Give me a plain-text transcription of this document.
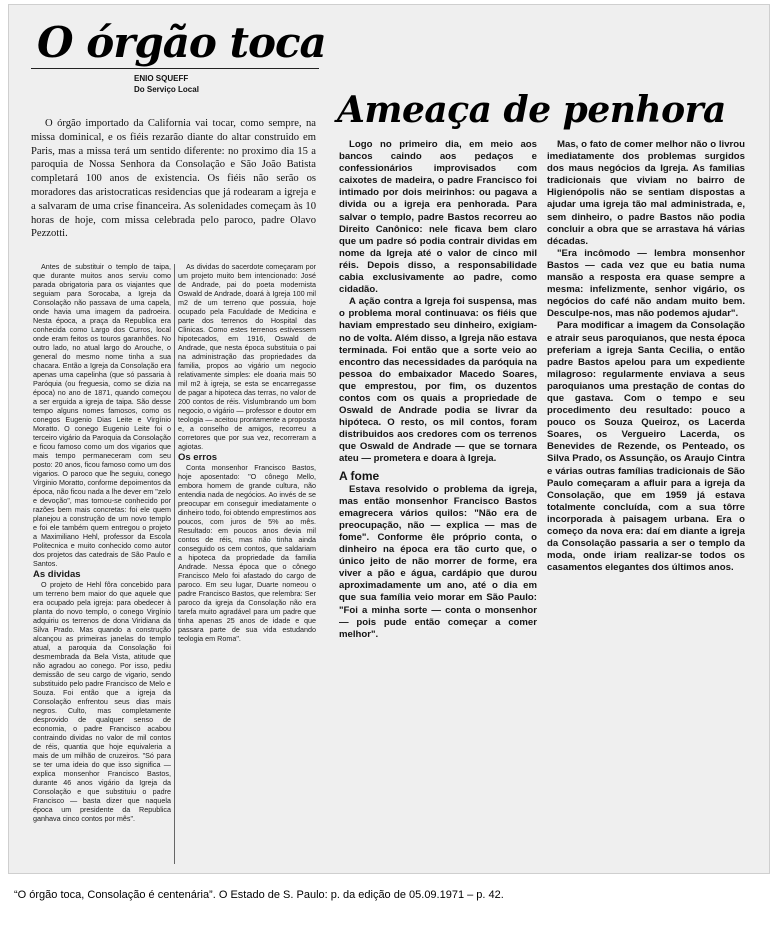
O órgão toca
ENIO SQUEFF
Do Serviço Local

O órgão importado da California vai tocar, como sempre, na missa dominical, e os fiéis rezarão diante do altar construido em Paris, mas a missa terá um sentido diferente: no proximo dia 15 a paroquia de Nossa Senhora da Consolação e São João Batista completará 100 anos de existencia. Os fiéis não serão os moradores das aristocraticas residencias que já rodearam a igreja e a salvaram de uma crise financeira. As solenidades começam às 10 horas de hoje, com missa celebrada pelo paroco, padre Olavo Pezzotti.

Antes de substituir o templo de taipa, que durante muitos anos serviu como parada obrigatoria para os viajantes que seguiam para Sorocaba, a Igreja da Consolação não passava de uma capela, onde havia uma imagem da padroeira. Nesta época, a praça da Republica era conhecida como Largo dos Curros, local onde eram feitos os touros garanhões. No outro lado, no atual largo do Arouche, o general do mesmo nome tinha a sua chacara. Então a Igreja da Consolação era apenas uma capelinha (que só passaria à Paróquia (ou freguesia, como se dizia na época) no ano de 1871, quando começou a ser erguida a igreja de taipa. São desse tempo alguns nomes famosos, como os conegos Eugenio Dias Leite e Virgínio Moratto. O conego Eugenio Leite foi o terceiro vigário da Paroquia da Consolação e ficou famoso como um dos vigarios que mais tempo permaneceram com seu posto: 20 anos, ficou famoso como um dos vigarios. O paroco que lhe seguiu, conego Virginio Moratto, conforme depoimentos da época, não ficou nada a lhe dever em "zelo e devoção", mas tornou-se conhecido por razões bem mais concretas: foi ele quem planejou a construção de um novo templo e foi ele também quem entregou o projeto a Maximiliano Hehl, professor da Escola Politecnica e muito conhecido como autor dos projetos das catedrais de São Paulo e Santos.

As dividas

O projeto de Hehl fôra concebido para um terreno bem maior do que aquele que era ocupado pela igreja: para obedecer à planta do novo templo, o conego Virgínio adquiriu os terrenos de dona Viridiana da Silva Prado. Mas quando a construção alcançou as primeiras janelas do templo atual, a paroquia da Consolação foi desmembrada da Bela Vista, atitude que não agradou ao conego. Por isso, pediu demissão de seu cargo de vigario, sendo substituido pelo padre Francisco de Melo e Souza. Foi então que a igreja da Consolação enfrentou seus dias mais negros. Culto, mas completamente desprovido de qualquer senso de economia, o padre Francisco acabou contraindo dividas no valor de mil contos de réis, quantia que hoje equivaleria a mais de um milhão de cruzeiros. "Só para se ter uma ideia do que isso significa — explica monsenhor Francisco Bastos, durante 46 anos vigário da Igreja da Consolação e que substituiu o padre Francisco — basta dizer que naquela época um presidente da Republica ganhava cinco contos por mês".

As dividas do sacerdote começaram por um projeto muito bem intencionado: José de Andrade, pai do poeta modernista Oswald de Andrade, doará à Igreja 100 mil m2 de um terreno que possuia, hoje ocupado pela Faculdade de Medicina e parte dos terrenos do Hospital das Clinicas. Como estes terrenos estivessem hipotecados, em 1916, Oswald de Andrade, que nesta época substituia o pai na administração das propriedades da familia, propos ao vigário um negocio relativamente simples: ele doaria mais 50 mil m2 à igreja, se esta se encarregasse de pagar a hipoteca das terras, no valor de 200 contos de réis. Vislumbrando um bom negocio, o vigário — professor e doutor em teologia — aceitou prontamente a proposta e, a conselho de amigos, recorreu a corretores que por sua vez, recorreram a agiotas.

Os erros

Conta monsenhor Francisco Bastos, hoje aposentado: "O cônego Mello, embora homem de grande cultura, não entendia nada de negócios. Ao invés de se preocupar em conseguir imediatamente o dinheiro todo, foi obtendo emprestimos aos poucos, com juros de 5% ao mês. Resultado: em poucos anos devia mil contos de réis, mas não tinha ainda conseguido os cem contos, que saldariam a hipoteca da propriedade da familia Andrade. Nessa época que o cônego Francisco Melo foi afastado do cargo de paroco. Em seu lugar, Duarte nomeou o padre Francisco Bastos, que relembra: Ser paroco da igreja da Consolação não era tarefa muito agradável para um padre que tinha apenas 25 anos de idade e que passara parte de sua vida estudando teologia em Roma".

Ameaça de penhora

Logo no primeiro dia, em meio aos bancos caindo aos pedaços e confessionários improvisados com caixotes de madeira, o padre Francisco foi intimado por dois meirinhos: ou pagava a divida ou a igreja era penhorada. Para salvar o templo, padre Bastos recorreu ao Direito Canônico: nele ficava bem claro que um padre só podia contrair dividas em nome da Igreja até o valor de cinco mil réis. Depois disso, a responsabilidade cabia exclusivamente ao padre, como cidadão.

A ação contra a Igreja foi suspensa, mas o problema moral continuava: os fiéis que haviam emprestado seu dinheiro, exigiam-no de volta. Além disso, a Igreja não estava terminada. Foi então que a sorte veio ao encontro das necessidades da paróquia na pessoa do embaixador Macedo Soares, que emprestou, por fim, os duzentos contos com os quais a propriedade de Oswald de Andrade podia se livrar da hipóteca. O resto, os mil contos, foram distribuidos aos credores com os terrenos que Oswald de Andrade — que se tornara ateu — prometera e doara à Igreja.

A fome

Estava resolvido o problema da igreja, mas então monsenhor Francisco Bastos emagrecera vários quilos: "Não era de preocupação, não — explica — mas de fome". Conforme êle próprio conta, o dinheiro na época era tão curto que, o único jeito de não morrer de forme, era viver a pão e água, cardápio que durou aproximadamente um ano, até o dia em que sua família veio morar em São Paulo: "Foi a minha sorte — conta o monsenhor — pois pude então começar a comer melhor".

Mas, o fato de comer melhor não o livrou imediatamente dos problemas surgidos dos maus negócios da Igreja. As familias tradicionais que viviam no bairro de Higienópolis não se sentiam dispostas a ajudar uma igreja tão mal administrada, e, sem dinheiro, o padre Bastos não podia concluir a obra que se arrastava há várias décadas.

"Era incômodo — lembra monsenhor Bastos — cada vez que eu batia numa mansão a resposta era quase sempre a mesma: infelizmente, senhor vigário, os negócios do café não andam muito bem. Desculpe-nos, mas não podemos ajudar".

Para modificar a imagem da Consolação e atrair seus paroquianos, que nesta época preferiam a igreja Santa Cecilia, o então padre Bastos apelou para um expediente milagroso: regularmente enviava a seus paroquianos uma prestação de contas do que gastava. Com o tempo e seu procedimento deu resultado: pouco a pouco os Souza Queiroz, os Lacerda Soares, os Vergueiro Lacerda, os Benevides de Rezende, os Penteado, os Silva Prado, os Assunção, os Araujo Cintra e várias outras famílias tradicionais de São Paulo começaram a afluir para a igreja da Consolação, que em 1959 já estava totalmente concluída, com a sua tôrre incorporada à paisagem urbana. Era o começo da nova era: daí em diante a igreja da Consolação passaria a ser o templo da moda, onde iriam realizar-se todos os casamentos elegantes dos últimos anos.

“O órgão toca, Consolação é centenária”. O Estado de S. Paulo: p. da edição de 05.09.1971 – p. 42.
